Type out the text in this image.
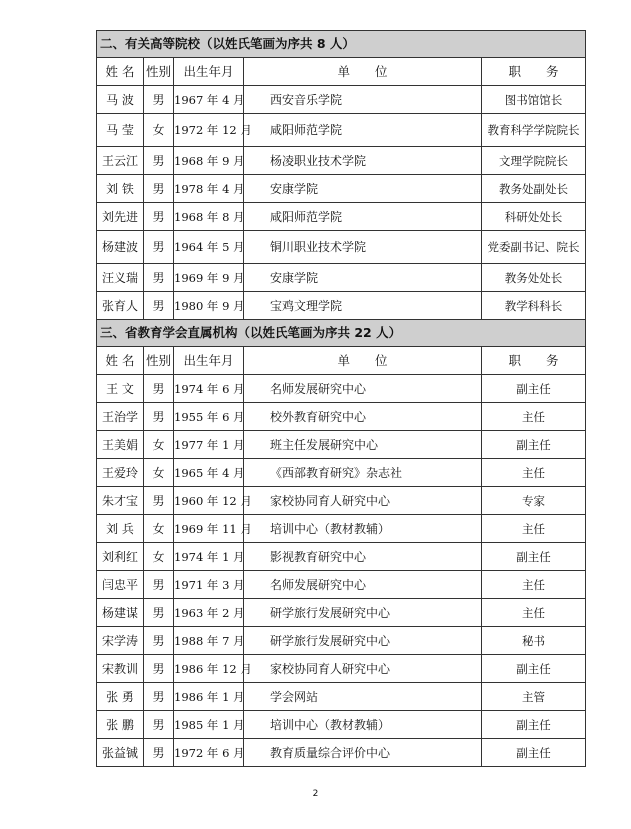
二、有关高等院校（以姓氏笔画为序共 8 人）				
姓 名	性别	出生年月	单　　位	职　　务
马 波	男	1967 年 4 月	西安音乐学院	图书馆馆长
马 莹	女	1972 年 12 月	咸阳师范学院	教育科学学院院长
王云江	男	1968 年 9 月	杨凌职业技术学院	文理学院院长
刘 铁	男	1978 年 4 月	安康学院	教务处副处长
刘先进	男	1968 年 8 月	咸阳师范学院	科研处处长
杨建波	男	1964 年 5 月	铜川职业技术学院	党委副书记、院长
汪义瑞	男	1969 年 9 月	安康学院	教务处处长
张育人	男	1980 年 9 月	宝鸡文理学院	教学科科长
三、省教育学会直属机构（以姓氏笔画为序共 22 人）				
姓 名	性别	出生年月	单　　位	职　　务
王 文	男	1974 年 6 月	名师发展研究中心	副主任
王治学	男	1955 年 6 月	校外教育研究中心	主任
王美娟	女	1977 年 1 月	班主任发展研究中心	副主任
王爱玲	女	1965 年 4 月	《西部教育研究》杂志社	主任
朱才宝	男	1960 年 12 月	家校协同育人研究中心	专家
刘 兵	女	1969 年 11 月	培训中心（教材教辅）	主任
刘利红	女	1974 年 1 月	影视教育研究中心	副主任
闫忠平	男	1971 年 3 月	名师发展研究中心	主任
杨建谋	男	1963 年 2 月	研学旅行发展研究中心	主任
宋学涛	男	1988 年 7 月	研学旅行发展研究中心	秘书
宋教训	男	1986 年 12 月	家校协同育人研究中心	副主任
张 勇	男	1986 年 1 月	学会网站	主管
张 鹏	男	1985 年 1 月	培训中心（教材教辅）	副主任
张益铖	男	1972 年 6 月	教育质量综合评价中心	副主任
2
